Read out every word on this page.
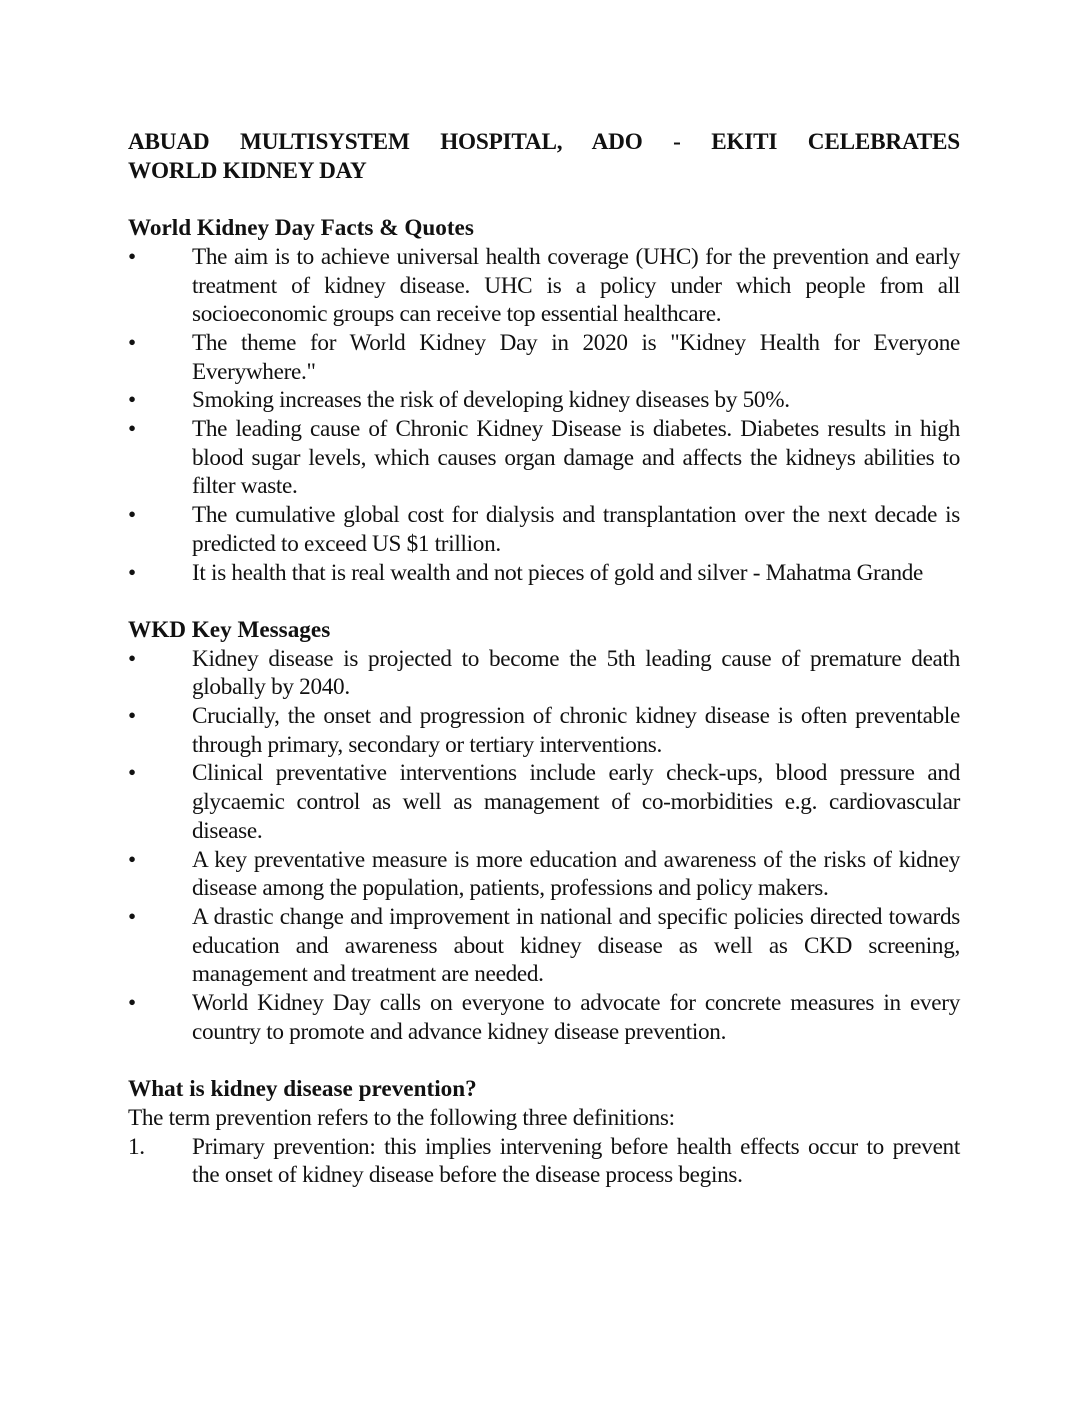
ABUAD MULTISYSTEM HOSPITAL, ADO - EKITI CELEBRATES
WORLD KIDNEY DAY
World Kidney Day Facts & Quotes
•	The aim is to achieve universal health coverage (UHC) for the prevention and early treatment of kidney disease. UHC is a policy under which people from all socioeconomic groups can receive top essential healthcare.
•	The theme for World Kidney Day in 2020 is "Kidney Health for Everyone Everywhere."
•	Smoking increases the risk of developing kidney diseases by 50%.
•	The leading cause of Chronic Kidney Disease is diabetes. Diabetes results in high blood sugar levels, which causes organ damage and affects the kidneys abilities to filter waste.
•	The cumulative global cost for dialysis and transplantation over the next decade is predicted to exceed US $1 trillion.
•	It is health that is real wealth and not pieces of gold and silver - Mahatma Grande
WKD Key Messages
•	Kidney disease is projected to become the 5th leading cause of premature death globally by 2040.
•	Crucially, the onset and progression of chronic kidney disease is often preventable through primary, secondary or tertiary interventions.
•	Clinical preventative interventions include early check-ups, blood pressure and glycaemic control as well as management of co-morbidities e.g. cardiovascular disease.
•	A key preventative measure is more education and awareness of the risks of kidney disease among the population, patients, professions and policy makers.
•	A drastic change and improvement in national and specific policies directed towards education and awareness about kidney disease as well as CKD screening, management and treatment are needed.
•	World Kidney Day calls on everyone to advocate for concrete measures in every country to promote and advance kidney disease prevention.
What is kidney disease prevention?

The term prevention refers to the following three definitions:

1.	Primary prevention: this implies intervening before health effects occur to prevent the onset of kidney disease before the disease process begins.
